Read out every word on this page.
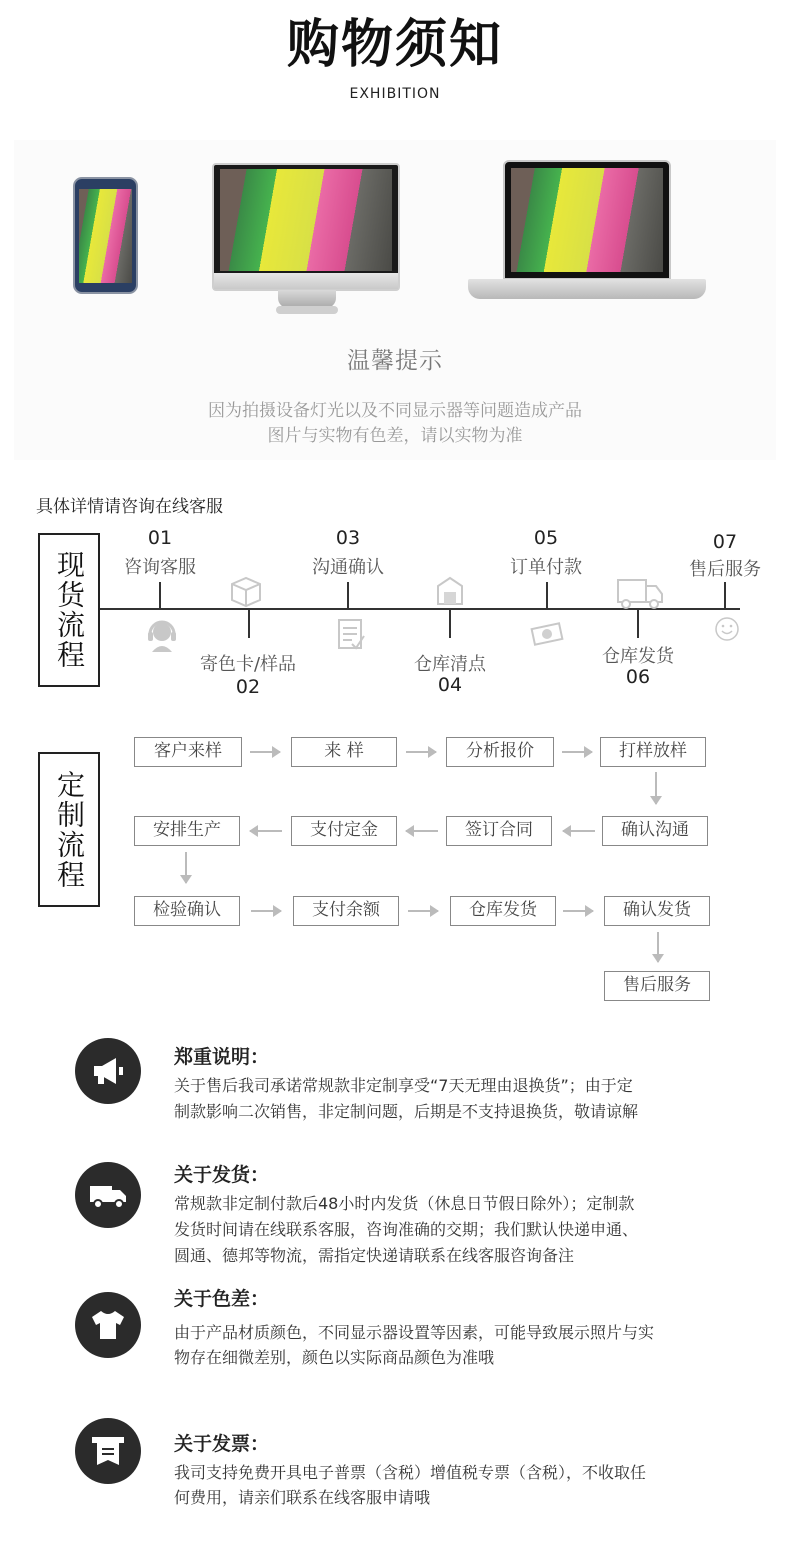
购物须知
EXHIBITION
温馨提示
因为拍摄设备灯光以及不同显示器等问题造成产品
图片与实物有色差，请以实物为准
具体详情请咨询在线客服
现货流程
01
咨询客服
寄色卡/样品
02
03
沟通确认
仓库清点
04
05
订单付款
仓库发货
06
07
售后服务
定制流程
客户来样	来 样	分析报价	打样放样
安排生产	支付定金	签订合同	确认沟通
检验确认	支付余额	仓库发货	确认发货
售后服务
郑重说明：
关于售后我司承诺常规款非定制享受“7天无理由退换货”；由于定
制款影响二次销售，非定制问题，后期是不支持退换货，敬请谅解
关于发货：
常规款非定制付款后48小时内发货（休息日节假日除外）；定制款
发货时间请在线联系客服，咨询准确的交期；我们默认快递申通、
圆通、德邦等物流，需指定快递请联系在线客服咨询备注
关于色差：
由于产品材质颜色，不同显示器设置等因素，可能导致展示照片与实
物存在细微差别，颜色以实际商品颜色为准哦
关于发票：
我司支持免费开具电子普票（含税）增值税专票（含税），不收取任
何费用，请亲们联系在线客服申请哦
